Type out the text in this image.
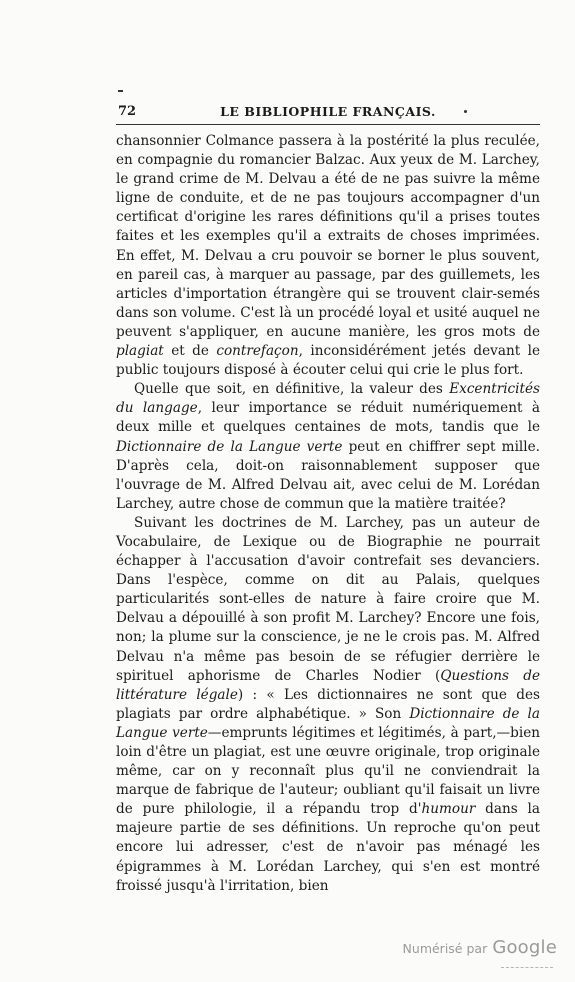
72	LE BIBLIOPHILE FRANÇAIS.

chansonnier Colmance passera à la postérité la plus reculée, en compagnie du romancier Balzac. Aux yeux de M. Larchey, le grand crime de M. Delvau a été de ne pas suivre la même ligne de conduite, et de ne pas toujours accompagner d'un certificat d'origine les rares définitions qu'il a prises toutes faites et les exemples qu'il a extraits de choses imprimées. En effet, M. Delvau a cru pouvoir se borner le plus souvent, en pareil cas, à marquer au passage, par des guillemets, les articles d'importation étrangère qui se trouvent clair-semés dans son volume. C'est là un procédé loyal et usité auquel ne peuvent s'appliquer, en aucune manière, les gros mots de plagiat et de contrefaçon, inconsidérément jetés devant le public toujours disposé à écouter celui qui crie le plus fort.

Quelle que soit, en définitive, la valeur des Excentricités du langage, leur importance se réduit numériquement à deux mille et quelques centaines de mots, tandis que le Dictionnaire de la Langue verte peut en chiffrer sept mille. D'après cela, doit-on raisonnablement supposer que l'ouvrage de M. Alfred Delvau ait, avec celui de M. Lorédan Larchey, autre chose de commun que la matière traitée?

Suivant les doctrines de M. Larchey, pas un auteur de Vocabulaire, de Lexique ou de Biographie ne pourrait échapper à l'accusation d'avoir contrefait ses devanciers. Dans l'espèce, comme on dit au Palais, quelques particularités sont-elles de nature à faire croire que M. Delvau a dépouillé à son profit M. Larchey? Encore une fois, non; la plume sur la conscience, je ne le crois pas. M. Alfred Delvau n'a même pas besoin de se réfugier derrière le spirituel aphorisme de Charles Nodier (Questions de littérature légale) : « Les dictionnaires ne sont que des plagiats par ordre alphabétique. » Son Dictionnaire de la Langue verte—emprunts légitimes et légitimés, à part,—bien loin d'être un plagiat, est une œuvre originale, trop originale même, car on y reconnaît plus qu'il ne conviendrait la marque de fabrique de l'auteur; oubliant qu'il faisait un livre de pure philologie, il a répandu trop d'humour dans la majeure partie de ses définitions. Un reproche qu'on peut encore lui adresser, c'est de n'avoir pas ménagé les épigrammes à M. Lorédan Larchey, qui s'en est montré froissé jusqu'à l'irritation, bien

Numérisé par Google
